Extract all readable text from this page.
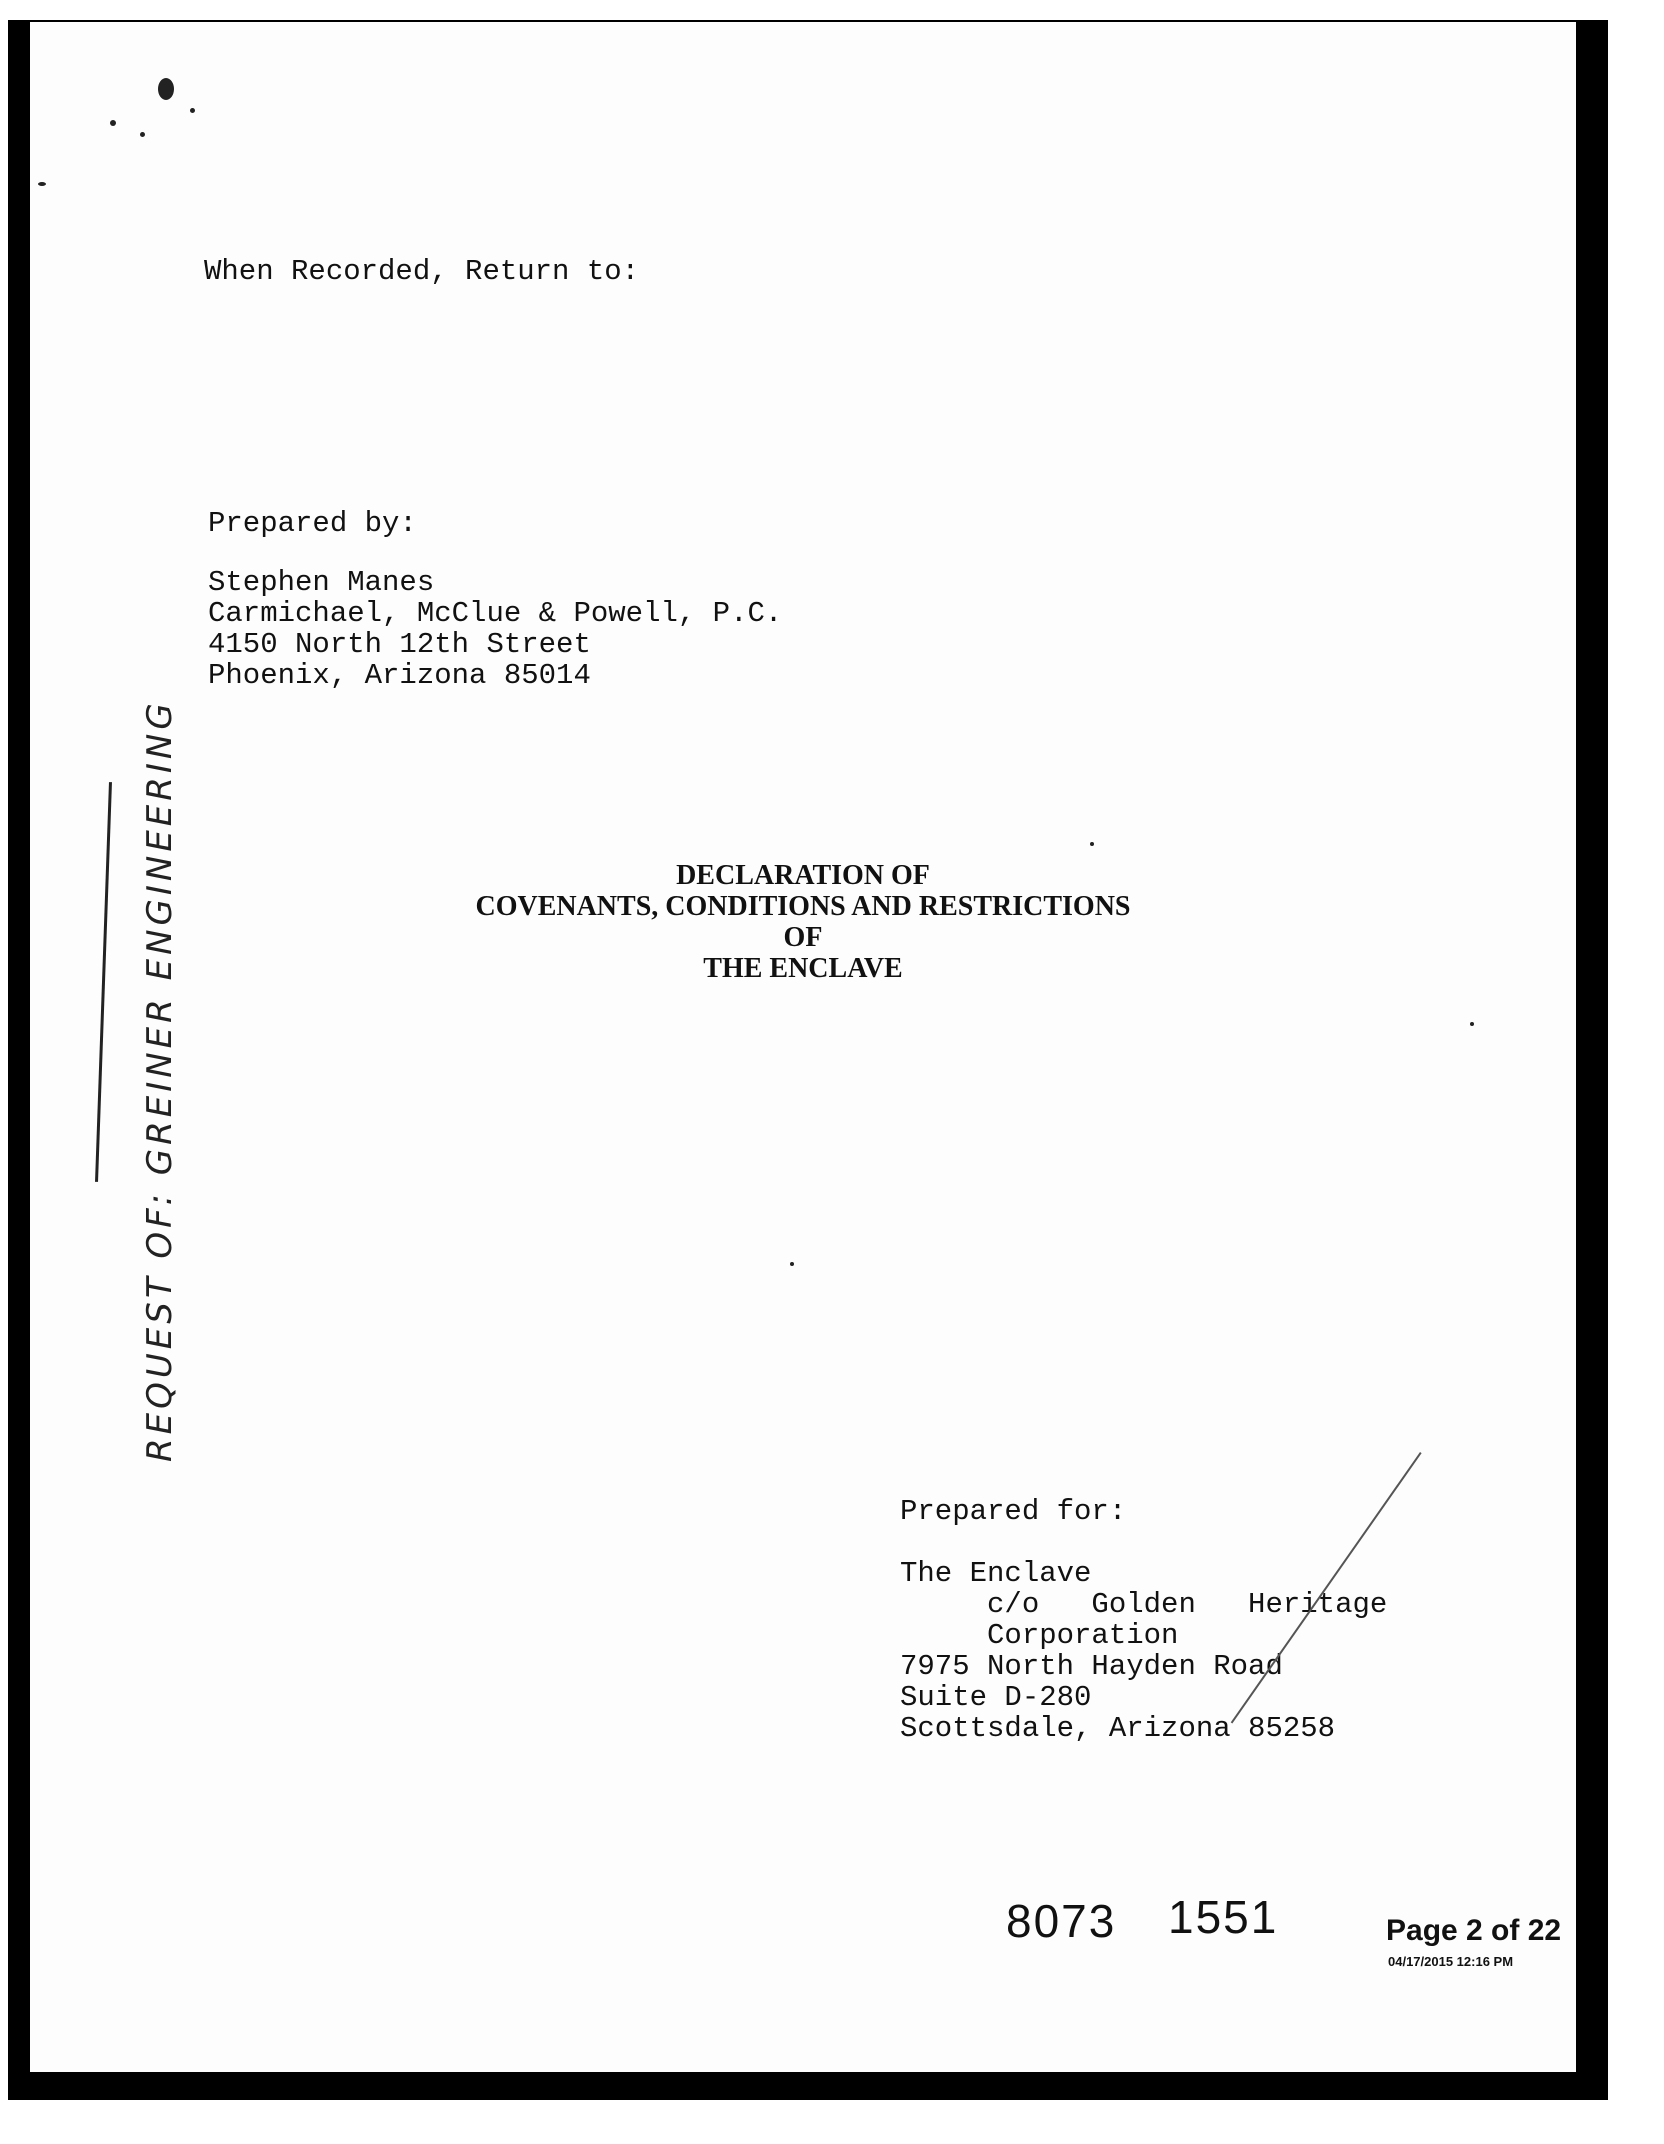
When Recorded, Return to:
Prepared by:
Stephen Manes
Carmichael, McClue & Powell, P.C.
4150 North 12th Street
Phoenix, Arizona 85014
DECLARATION OF
COVENANTS, CONDITIONS AND RESTRICTIONS
OF
THE ENCLAVE
REQUEST OF: GREINER ENGINEERING
Prepared for:
The Enclave
c/o   Golden   Heritage
Corporation
7975 North Hayden Road
Suite D-280
Scottsdale, Arizona 85258
8073 1551	Page 2 of 22
04/17/2015 12:16 PM
